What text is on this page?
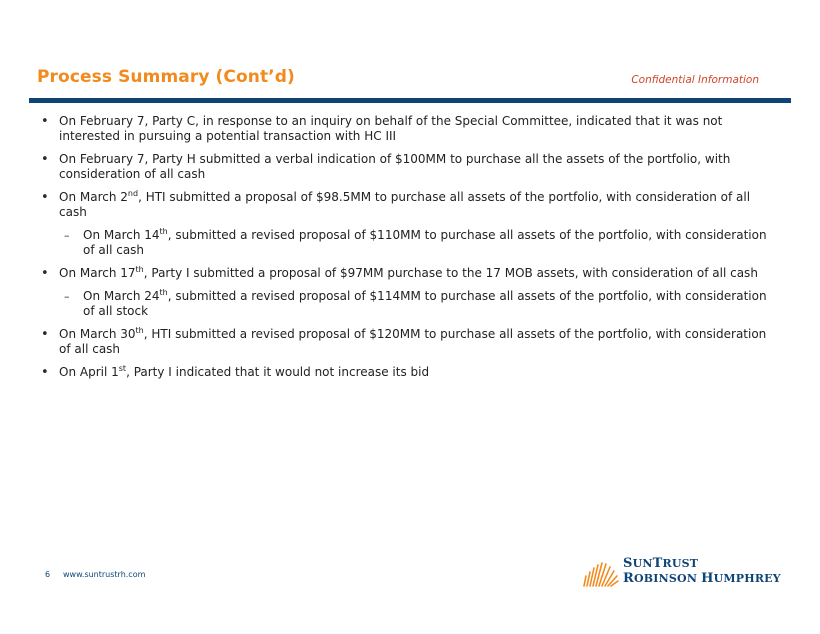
Process Summary (Cont’d)	Confidential Information
• On February 7, Party C, in response to an inquiry on behalf of the Special Committee, indicated that it was not interested in pursuing a potential transaction with HC III
• On February 7, Party H submitted a verbal indication of $100MM to purchase all the assets of the portfolio, with consideration of all cash
• On March 2nd, HTI submitted a proposal of $98.5MM to purchase all assets of the portfolio, with consideration of all cash
– On March 14th, submitted a revised proposal of $110MM to purchase all assets of the portfolio, with consideration of all cash
• On March 17th, Party I submitted a proposal of $97MM purchase to the 17 MOB assets, with consideration of all cash
– On March 24th, submitted a revised proposal of $114MM to purchase all assets of the portfolio, with consideration of all stock
• On March 30th, HTI submitted a revised proposal of $120MM to purchase all assets of the portfolio, with consideration of all cash
• On April 1st, Party I indicated that it would not increase its bid
6 www.suntrustrh.com
SUNTRUST
ROBINSON HUMPHREY
